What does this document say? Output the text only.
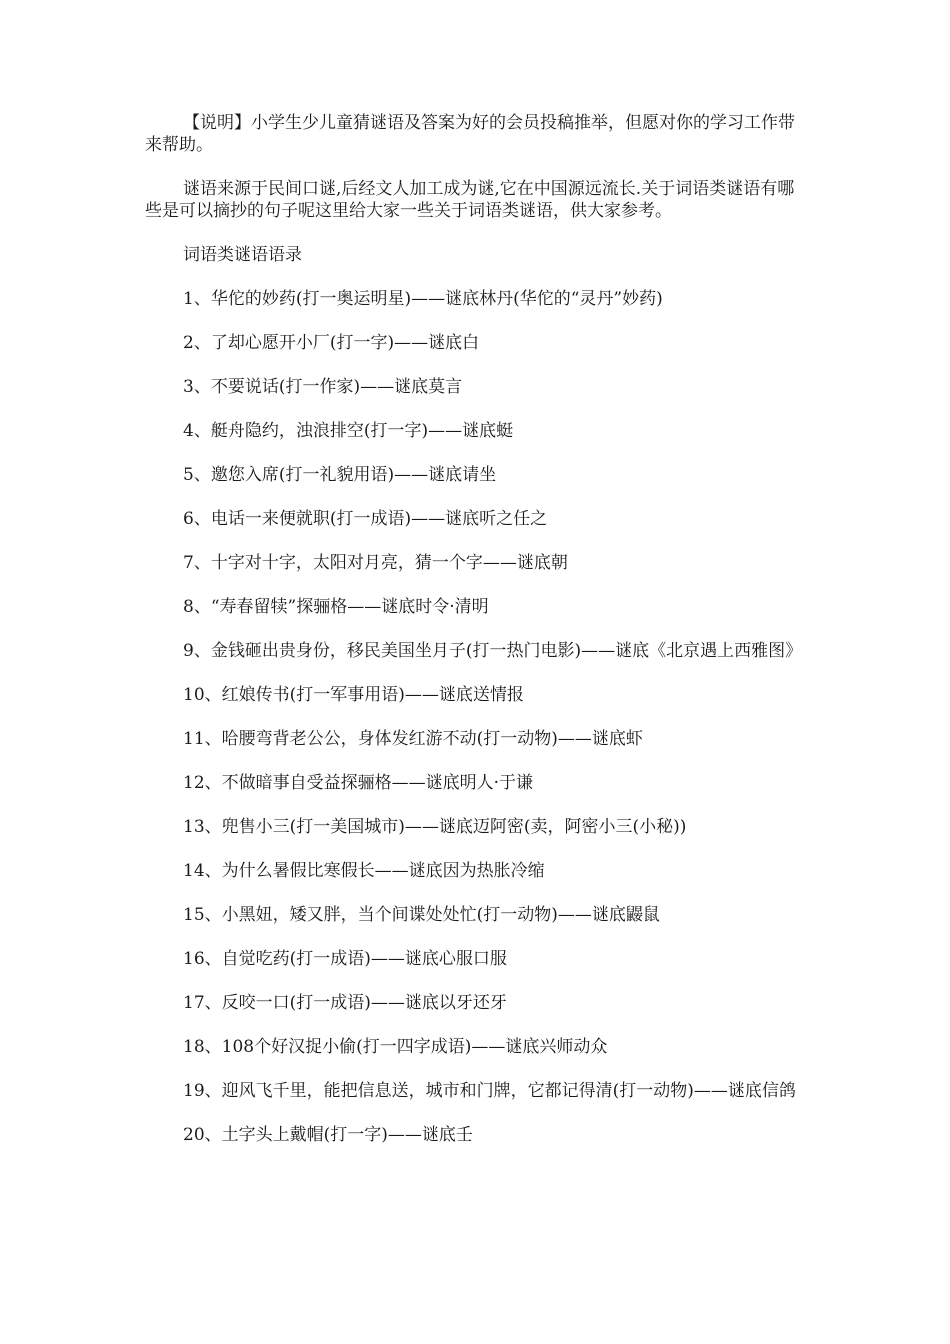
【说明】小学生少儿童猜谜语及答案为好的会员投稿推举，但愿对你的学习工作带来帮助。

谜语来源于民间口谜,后经文人加工成为谜,它在中国源远流长.关于词语类谜语有哪些是可以摘抄的句子呢这里给大家一些关于词语类谜语，供大家参考。

词语类谜语语录

1、华佗的妙药(打一奥运明星)——谜底林丹(华佗的“灵丹”妙药)

2、了却心愿开小厂(打一字)——谜底白

3、不要说话(打一作家)——谜底莫言

4、艇舟隐约，浊浪排空(打一字)——谜底蜓

5、邀您入席(打一礼貌用语)——谜底请坐

6、电话一来便就职(打一成语)——谜底听之任之

7、十字对十字，太阳对月亮，猜一个字——谜底朝

8、“寿春留犊”探骊格——谜底时令·清明

9、金钱砸出贵身份，移民美国坐月子(打一热门电影)——谜底《北京遇上西雅图》

10、红娘传书(打一军事用语)——谜底送情报

11、哈腰弯背老公公，身体发红游不动(打一动物)——谜底虾

12、不做暗事自受益探骊格——谜底明人·于谦

13、兜售小三(打一美国城市)——谜底迈阿密(卖，阿密小三(小秘))

14、为什么暑假比寒假长——谜底因为热胀冷缩

15、小黑妞，矮又胖，当个间谍处处忙(打一动物)——谜底鼹鼠

16、自觉吃药(打一成语)——谜底心服口服

17、反咬一口(打一成语)——谜底以牙还牙

18、108个好汉捉小偷(打一四字成语)——谜底兴师动众

19、迎风飞千里，能把信息送，城市和门牌，它都记得清(打一动物)——谜底信鸽

20、土字头上戴帽(打一字)——谜底壬
